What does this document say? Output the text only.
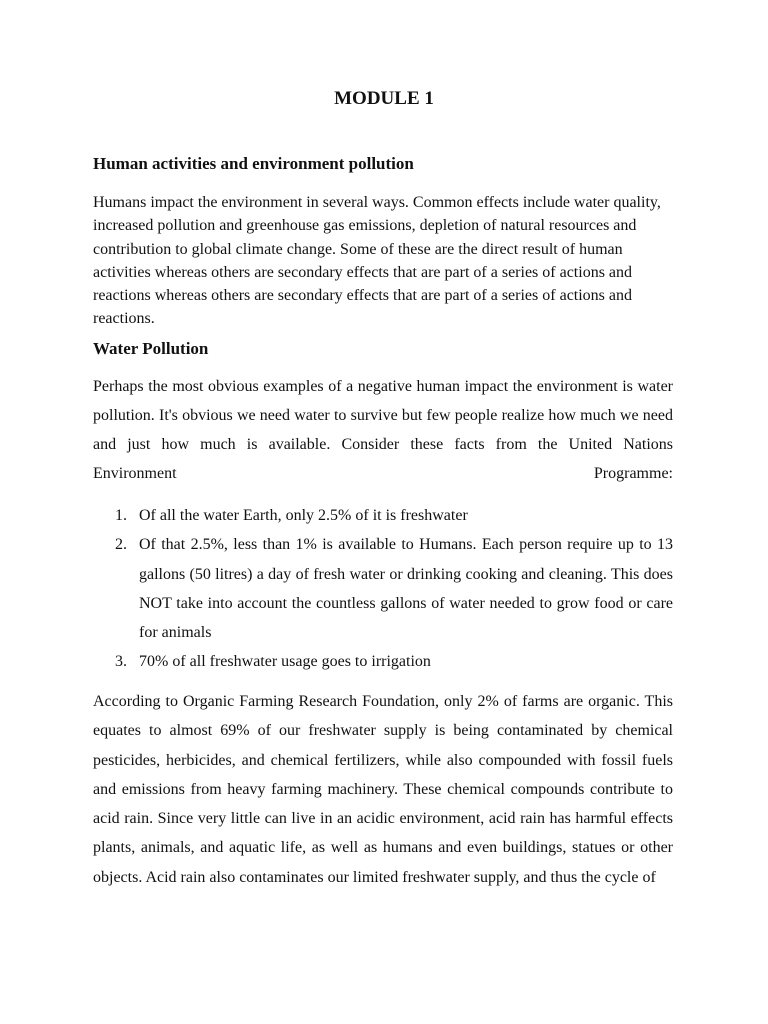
MODULE 1
Human activities and environment pollution

Humans impact the environment in several ways. Common effects include water quality, increased pollution and greenhouse gas emissions, depletion of natural resources and contribution to global climate change. Some of these are the direct result of human activities whereas others are secondary effects that are part of a series of actions and reactions whereas others are secondary effects that are part of a series of actions and reactions.

Water Pollution

Perhaps the most obvious examples of a negative human impact the environment is water pollution. It's obvious we need water to survive but few people realize how much we need and just how much is available. Consider these facts from the United Nations Environment Programme:

1. Of all the water Earth, only 2.5% of it is freshwater
2. Of that 2.5%, less than 1% is available to Humans. Each person require up to 13 gallons (50 litres) a day of fresh water or drinking cooking and cleaning. This does NOT take into account the countless gallons of water needed to grow food or care for animals
3. 70% of all freshwater usage goes to irrigation

According to Organic Farming Research Foundation, only 2% of farms are organic. This equates to almost 69% of our freshwater supply is being contaminated by chemical pesticides, herbicides, and chemical fertilizers, while also compounded with fossil fuels and emissions from heavy farming machinery. These chemical compounds contribute to acid rain. Since very little can live in an acidic environment, acid rain has harmful effects plants, animals, and aquatic life, as well as humans and even buildings, statues or other objects. Acid rain also contaminates our limited freshwater supply, and thus the cycle of
